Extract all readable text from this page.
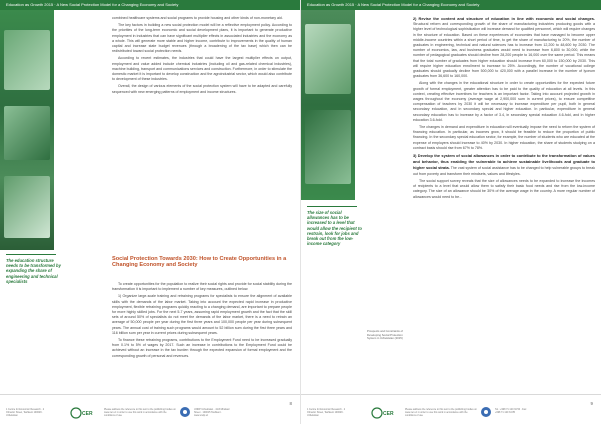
Education as Growth 2015 · A New Social Protection Model for a Changing Economy and Society

combined healthcare systems and social programs to provide housing and other kinds of non-monetary aid.

The key factors in building a new social protection model will be a reflective employment policy. According to the priorities of the long-term economic and social development plans, it is important to generate productive employment in industries that can have significant multiplier effects in associated industries and the economy as a whole. This will generate more stable and higher income, contribute to improvements in the quality of human capital and increase state budget revenues (through a broadening of the tax base) which then can be redistributed toward social protection needs.

According to recent estimates, the industries that could have the largest multiplier effects on output, employment and value added include chemical industries (including oil and gas-related chemical industries), machine building, transport and communications services and construction. Furthermore, in order to stimulate the domestic market it is important to develop construction and the agroindustrial sector, which would also contribute to development of these industries.

Overall, the design of various elements of the social protection system will have to be adapted and carefully sequenced with new emerging patterns of employment and income structures.

Social Protection Towards 2030: How to Create Opportunities in a Changing Economy and Society
The education structure needs to be transformed by expanding the share of engineering and technical specialists

To create opportunities for the population to realize their social rights and provide for social stability during the transformation it is important to implement a number of key measures, outlined below.

1) Organize large-scale training and retraining programs for specialists to ensure the alignment of available skills with the demands of the labor market. Taking into account the expected rapid increase in productive employment, flexible retraining programs quickly reacting to a changing demand, are important to prepare people for more highly skilled jobs. For the next 5-7 years, assuming rapid employment growth and the fact that the skill sets of around 50% of specialists do not meet the demands of the labor market, there is a need to retrain an average of 50,000 people per year during the first three years and 100,000 people per year during subsequent years. The annual cost of training such programs would amount to 52 billion sum during the first three years and 116 billion sum per year in current prices during subsequent years.

To finance these retraining programs, contributions to the Employment Fund need to be increased gradually from 0.1% to 5% of wages by 2017. Such an increase in contributions to the Employment Fund could be achieved without an increase in the tax burden through the expected expansion of formal employment and the corresponding growth of personal and revenues.

8
1 Centre for Economic Research · 2 Olmazor Street, Tashkent 100029 · Uzbekistan	CER
Please address the reference to this text to the publishing bodies on www.cer.uz in order to use this work in accordance with the conditions of use
UNDP Uzbekistan · 41/3 Mirabad Street · 100015 Tashkent · www.undp.uz
Education as Growth 2015 · A New Social Protection Model for a Changing Economy and Society
The size of social allowances has to be increased to a level that would allow the recipient to restrain, look for jobs and break out from the low-income category
Prospects and Constraints of Developing Social Protection System in Uzbekistan (2015)

2) Revise the content and structure of education in line with economic and social changes. Structural reform and corresponding growth of the share of manufacturing industries producing goods with a higher level of technological sophistication will increase demand for qualified personnel, which will require changes in the structure of education. Based on these experiences of economies that have managed to become upper middle-income countries within a short period of time, to get the share of manufacturing to 20%, the number of graduates in engineering, technical and natural sciences has to increase from 12,200 to 48,600 by 2030. The number of economics, law, and business graduates would need to increase from 6,800 to 30,000, while the number of pedagogical graduates should decline from 28,200 people to 16,000 over the same period. This means that the total number of graduates from higher education should increase from 60,000 to 150,000 by 2030. This will require higher education enrollment to increase to 25%. Accordingly, the number of vocational college graduates should gradually decline from 500,000 to 420,000 with a parallel increase in the number of lyceum graduates from 36,600 to 160,000.

Along with the changes in the educational structure in order to create opportunities for the expected future growth of formal employment, greater attention has to be paid to the quality of education at all levels. In this context, creating effective incentives for teachers is an important factor. Taking into account projected growth in wages throughout the economy (average wage at 2,900,000 sum in current prices), to ensure competitive compensation of teachers by 2030 it will be necessary to increase expenditure per pupil, both in general secondary education, and in secondary special and higher education. In particular, expenditure in general secondary education has to increase by a factor of 3.4, in secondary special education 4.6-fold, and in higher education 3.6-fold.

The changes in demand and expenditure in education will eventually impose the need to reform the system of financing education. In particular, as incomes grow, it should be feasible to reduce the proportion of public financing. In the secondary special education sector, for example, the number of students who are educated at the expense of employers should increase to 40% by 2030. In higher education, the share of students studying on a contract basis should rise from 67% to 78%.

3) Develop the system of social allowances in order to contribute to the transformation of values and behavior, thus enabling the vulnerable to achieve sustainable livelihoods and graduate to higher social strata. The vast system of social assistance has to be changed to help vulnerable groups to break out from poverty and transform their mindsets, values and lifestyles.

The social support survey reveals that the size of allowances needs to be expanded to increase the incomes of recipients to a level that would allow them to satisfy their basic food needs and rise from the low-income category. The size of an allowance should be 30% of the average wage in the country. A more regular number of allowances would need to be...

9
1 Centre for Economic Research · 2 Olmazor Street, Tashkent 100029 · Uzbekistan	CER
Please address the reference to this text to the publishing bodies on www.cer.uz in order to use this work in accordance with the conditions of use
Tel.: +998 71 120 34 50 · Fax: +998 71 120 34 85
